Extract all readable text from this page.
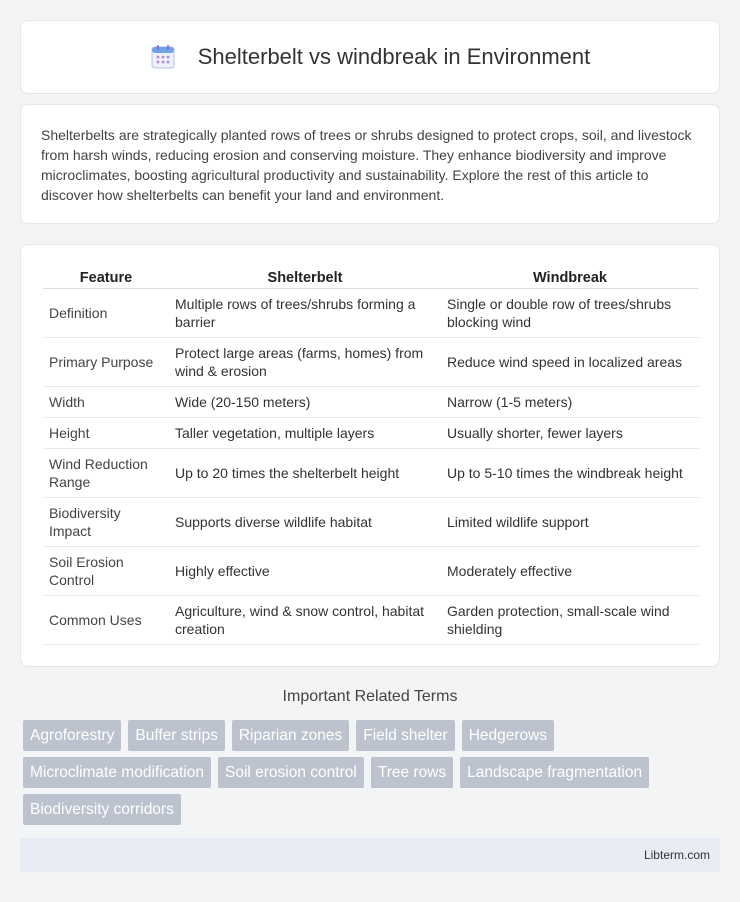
Shelterbelt vs windbreak in Environment

Shelterbelts are strategically planted rows of trees or shrubs designed to protect crops, soil, and livestock from harsh winds, reducing erosion and conserving moisture. They enhance biodiversity and improve microclimates, boosting agricultural productivity and sustainability. Explore the rest of this article to discover how shelterbelts can benefit your land and environment.

Feature	Shelterbelt	Windbreak
Definition	Multiple rows of trees/shrubs forming a barrier	Single or double row of trees/shrubs blocking wind
Primary Purpose	Protect large areas (farms, homes) from wind & erosion	Reduce wind speed in localized areas
Width	Wide (20-150 meters)	Narrow (1-5 meters)
Height	Taller vegetation, multiple layers	Usually shorter, fewer layers
Wind Reduction Range	Up to 20 times the shelterbelt height	Up to 5-10 times the windbreak height
Biodiversity Impact	Supports diverse wildlife habitat	Limited wildlife support
Soil Erosion Control	Highly effective	Moderately effective
Common Uses	Agriculture, wind & snow control, habitat creation	Garden protection, small-scale wind shielding
Important Related Terms
Agroforestry	Buffer strips	Riparian zones	Field shelter	Hedgerows
Microclimate modification	Soil erosion control	Tree rows	Landscape fragmentation
Biodiversity corridors
Libterm.com
